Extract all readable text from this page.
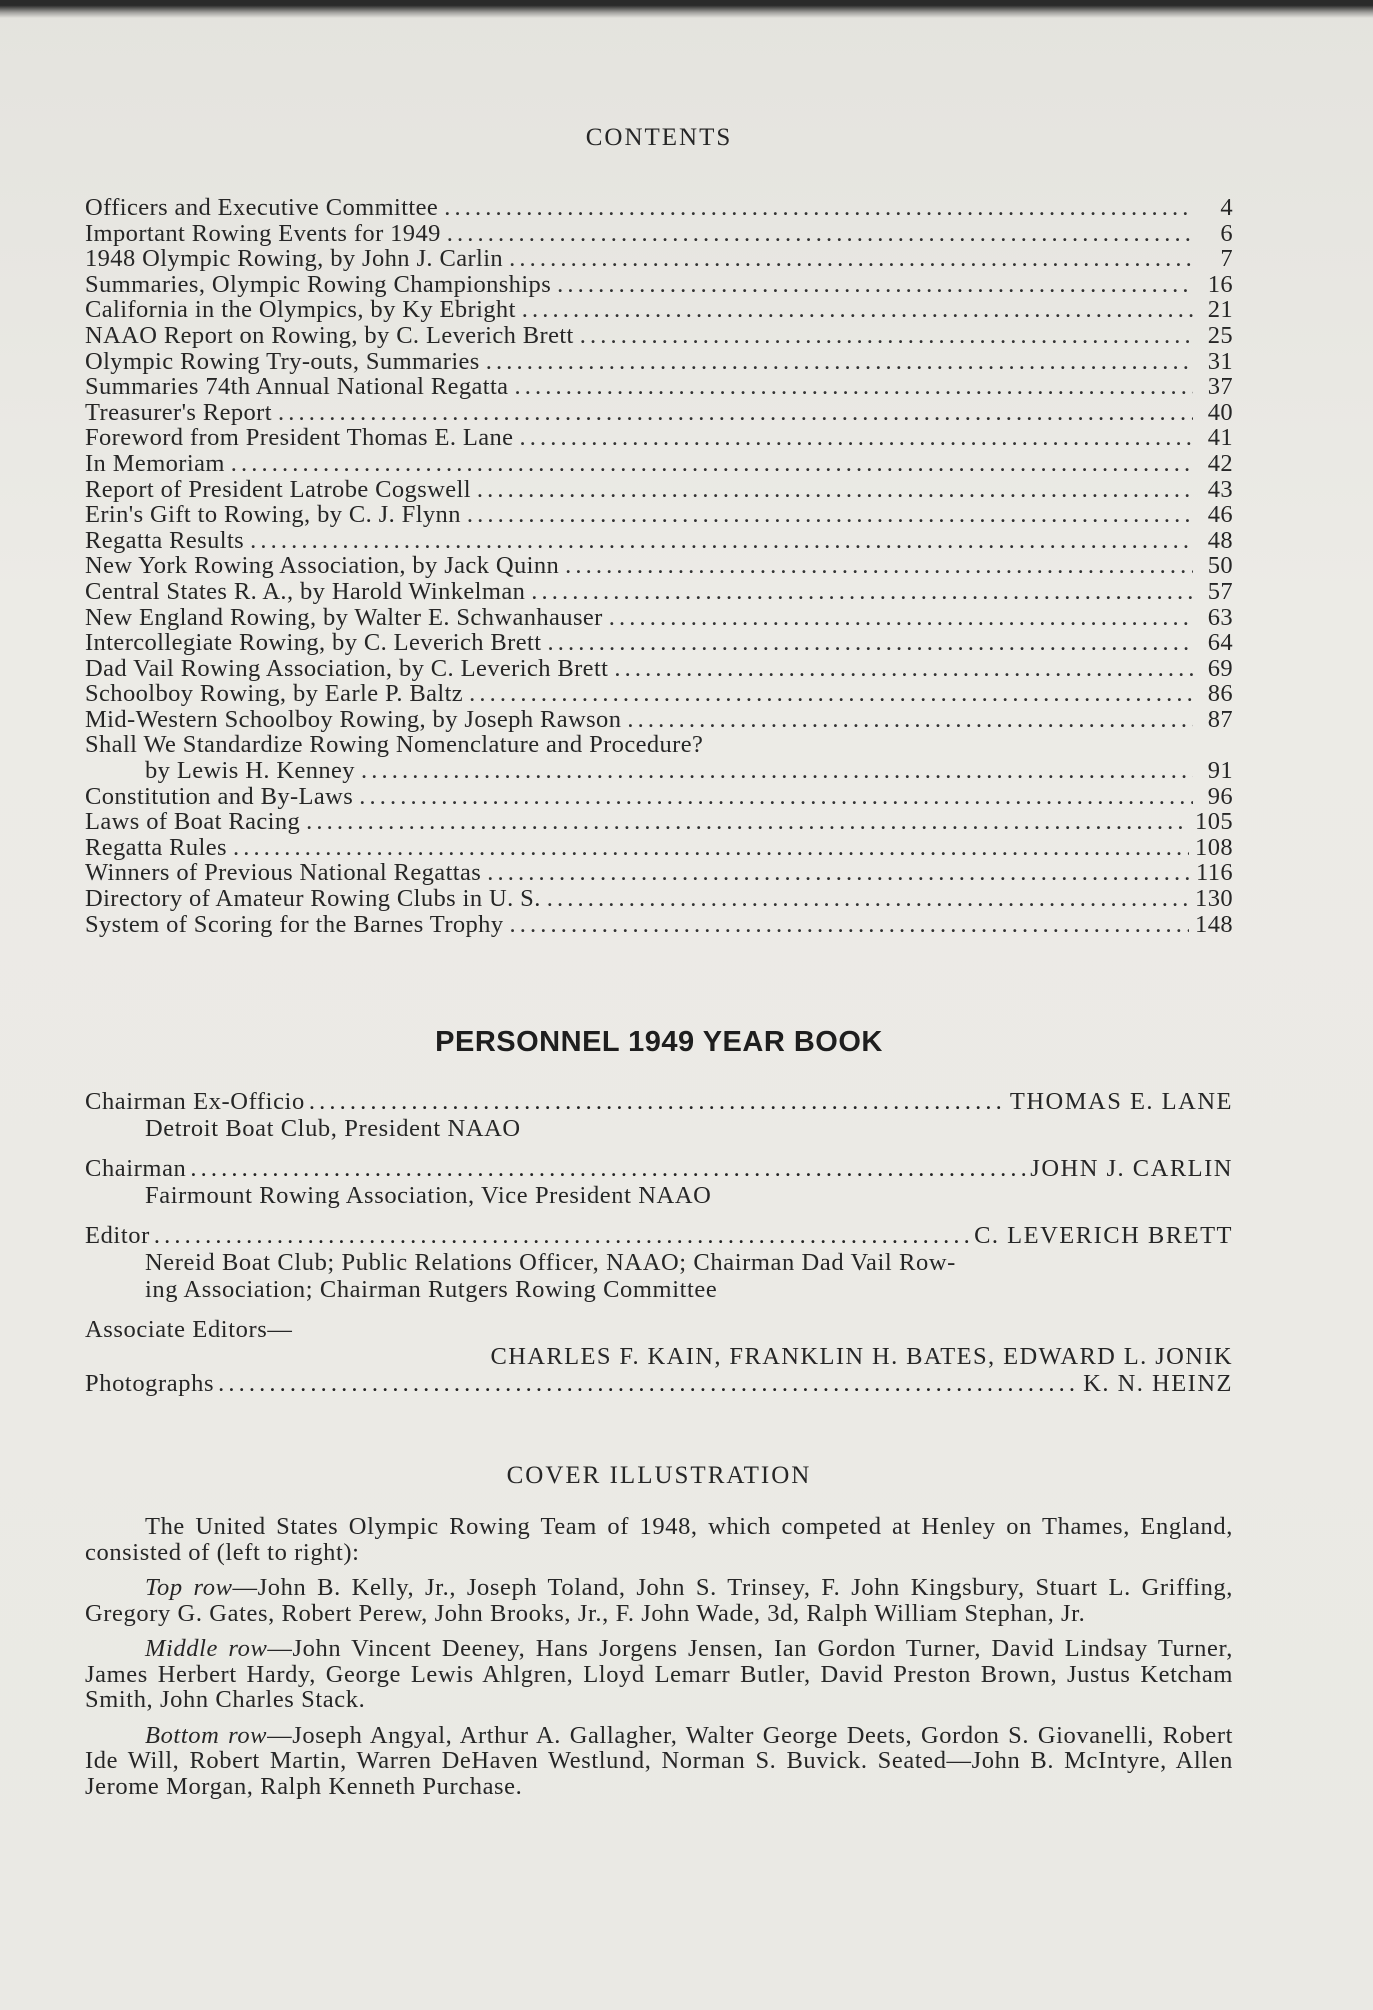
CONTENTS
Officers and Executive Committee . . .	4
Important Rowing Events for 1949 . . .	6
1948 Olympic Rowing, by John J. Carlin . . .	7
Summaries, Olympic Rowing Championships . . .	16
California in the Olympics, by Ky Ebright . . .	21
NAAO Report on Rowing, by C. Leverich Brett . . .	25
Olympic Rowing Try-outs, Summaries . . .	31
Summaries 74th Annual National Regatta . . .	37
Treasurer's Report . . .	40
Foreword from President Thomas E. Lane . . .	41
In Memoriam . . .	42
Report of President Latrobe Cogswell . . .	43
Erin's Gift to Rowing, by C. J. Flynn . . .	46
Regatta Results . . .	48
New York Rowing Association, by Jack Quinn . . .	50
Central States R. A., by Harold Winkelman . . .	57
New England Rowing, by Walter E. Schwanhauser . . .	63
Intercollegiate Rowing, by C. Leverich Brett . . .	64
Dad Vail Rowing Association, by C. Leverich Brett . . .	69
Schoolboy Rowing, by Earle P. Baltz . . .	86
Mid-Western Schoolboy Rowing, by Joseph Rawson . . .	87
Shall We Standardize Rowing Nomenclature and Procedure?
by Lewis H. Kenney . . .	91
Constitution and By-Laws . . .	96
Laws of Boat Racing . . .	105
Regatta Rules . . .	108
Winners of Previous National Regattas . . .	116
Directory of Amateur Rowing Clubs in U. S. . . .	130
System of Scoring for the Barnes Trophy . . .	148
PERSONNEL 1949 YEAR BOOK
Chairman Ex-Officio . . .	THOMAS E. LANE
Detroit Boat Club, President NAAO
Chairman . . .	JOHN J. CARLIN
Fairmount Rowing Association, Vice President NAAO
Editor . . .	C. LEVERICH BRETT
Nereid Boat Club; Public Relations Officer, NAAO; Chairman Dad Vail Row-
ing Association; Chairman Rutgers Rowing Committee
Associate Editors—
CHARLES F. KAIN, FRANKLIN H. BATES, EDWARD L. JONIK
Photographs . . .	K. N. HEINZ
COVER ILLUSTRATION

The United States Olympic Rowing Team of 1948, which competed at Henley on Thames, England, consisted of (left to right):

Top row—John B. Kelly, Jr., Joseph Toland, John S. Trinsey, F. John Kingsbury, Stuart L. Griffing, Gregory G. Gates, Robert Perew, John Brooks, Jr., F. John Wade, 3d, Ralph William Stephan, Jr.

Middle row—John Vincent Deeney, Hans Jorgens Jensen, Ian Gordon Turner, David Lindsay Turner, James Herbert Hardy, George Lewis Ahlgren, Lloyd Lemarr Butler, David Preston Brown, Justus Ketcham Smith, John Charles Stack.

Bottom row—Joseph Angyal, Arthur A. Gallagher, Walter George Deets, Gordon S. Giovanelli, Robert Ide Will, Robert Martin, Warren DeHaven Westlund, Norman S. Buvick. Seated—John B. McIntyre, Allen Jerome Morgan, Ralph Kenneth Purchase.
